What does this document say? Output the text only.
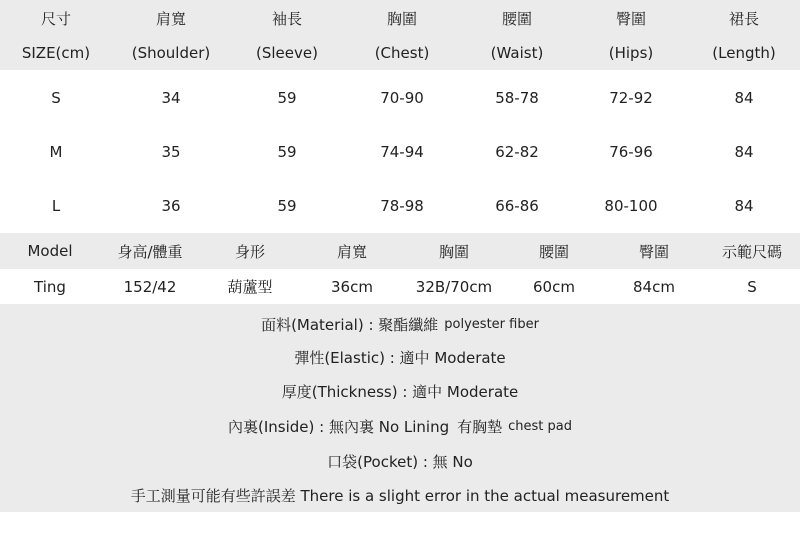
尺寸	肩寬	袖長	胸圍	腰圍	臀圍	裙長
SIZE(cm)	(Shoulder)	(Sleeve)	(Chest)	(Waist)	(Hips)	(Length)
S	34	59	70-90	58-78	72-92	84
M	35	59	74-94	62-82	76-96	84
L	36	59	78-98	66-86	80-100	84
Model	身高/體重	身形	肩寬	胸圍	腰圍	臀圍	示範尺碼
Ting	152/42	葫蘆型	36cm	32B/70cm	60cm	84cm	S
面料(Material) : 聚酯纖維 polyester fiber
彈性(Elastic) : 適中 Moderate
厚度(Thickness) : 適中 Moderate
內裏(Inside) : 無內裏 No Lining 有胸墊 chest pad
口袋(Pocket) : 無 No
手工測量可能有些許誤差 There is a slight error in the actual measurement
